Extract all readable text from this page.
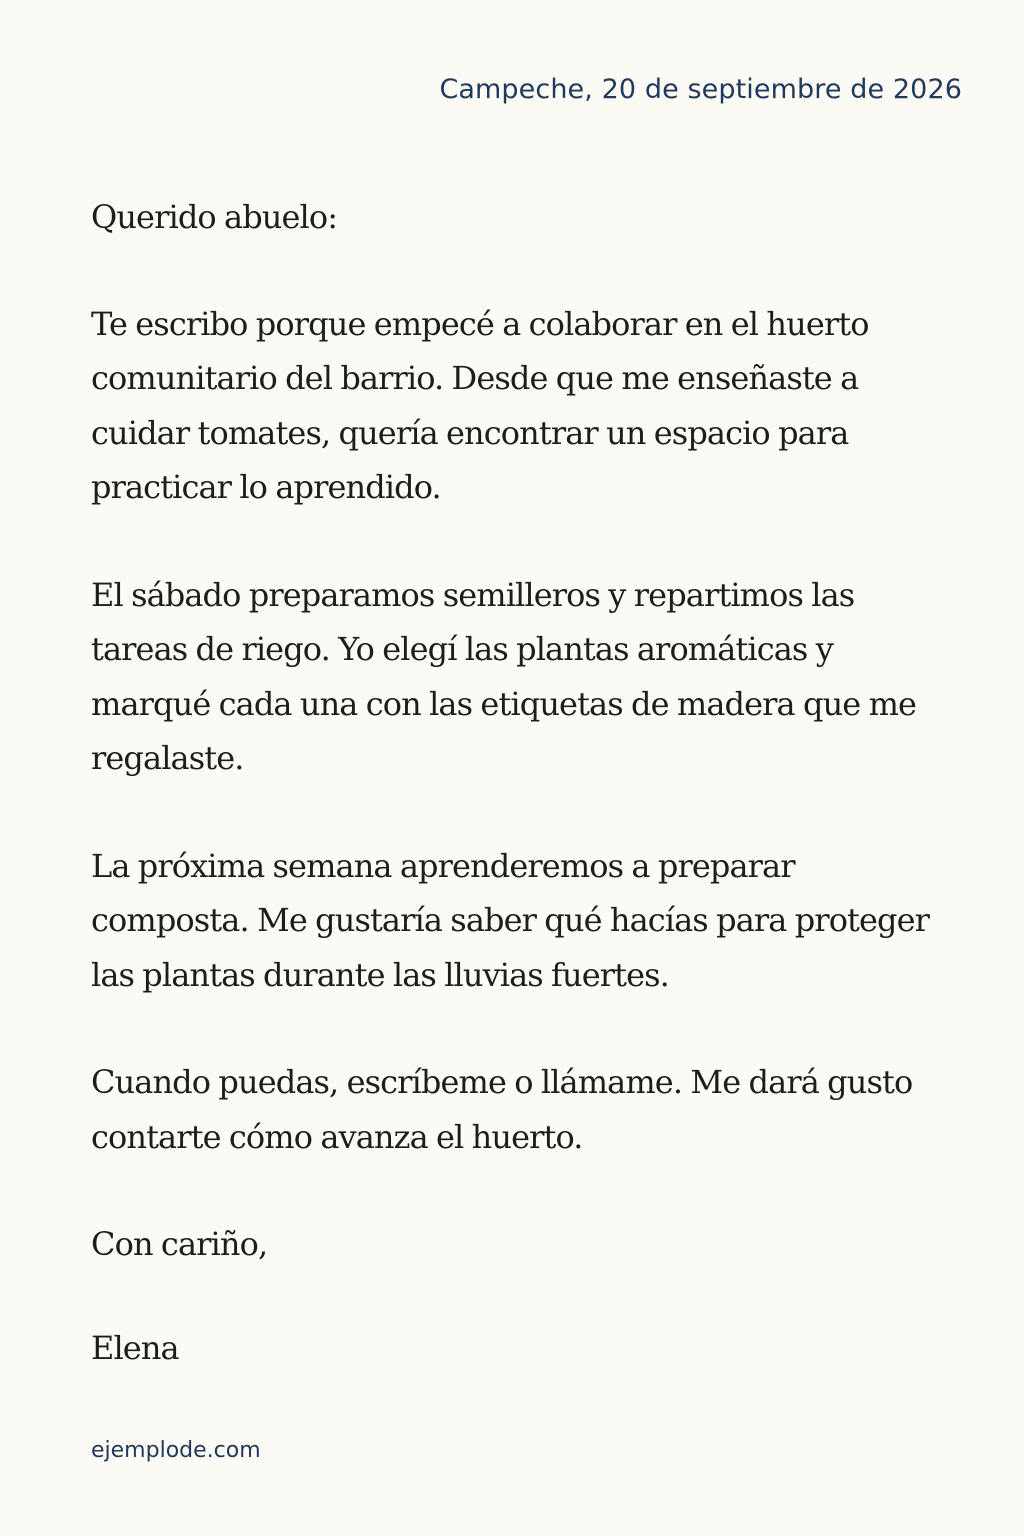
Campeche, 20 de septiembre de 2026

Querido abuelo:

Te escribo porque empecé a colaborar en el huerto comunitario del barrio. Desde que me enseñaste a cuidar tomates, quería encontrar un espacio para practicar lo aprendido.

El sábado preparamos semilleros y repartimos las tareas de riego. Yo elegí las plantas aromáticas y marqué cada una con las etiquetas de madera que me regalaste.

La próxima semana aprenderemos a preparar composta. Me gustaría saber qué hacías para proteger las plantas durante las lluvias fuertes.

Cuando puedas, escríbeme o llámame. Me dará gusto contarte cómo avanza el huerto.

Con cariño,

Elena

ejemplode.com
